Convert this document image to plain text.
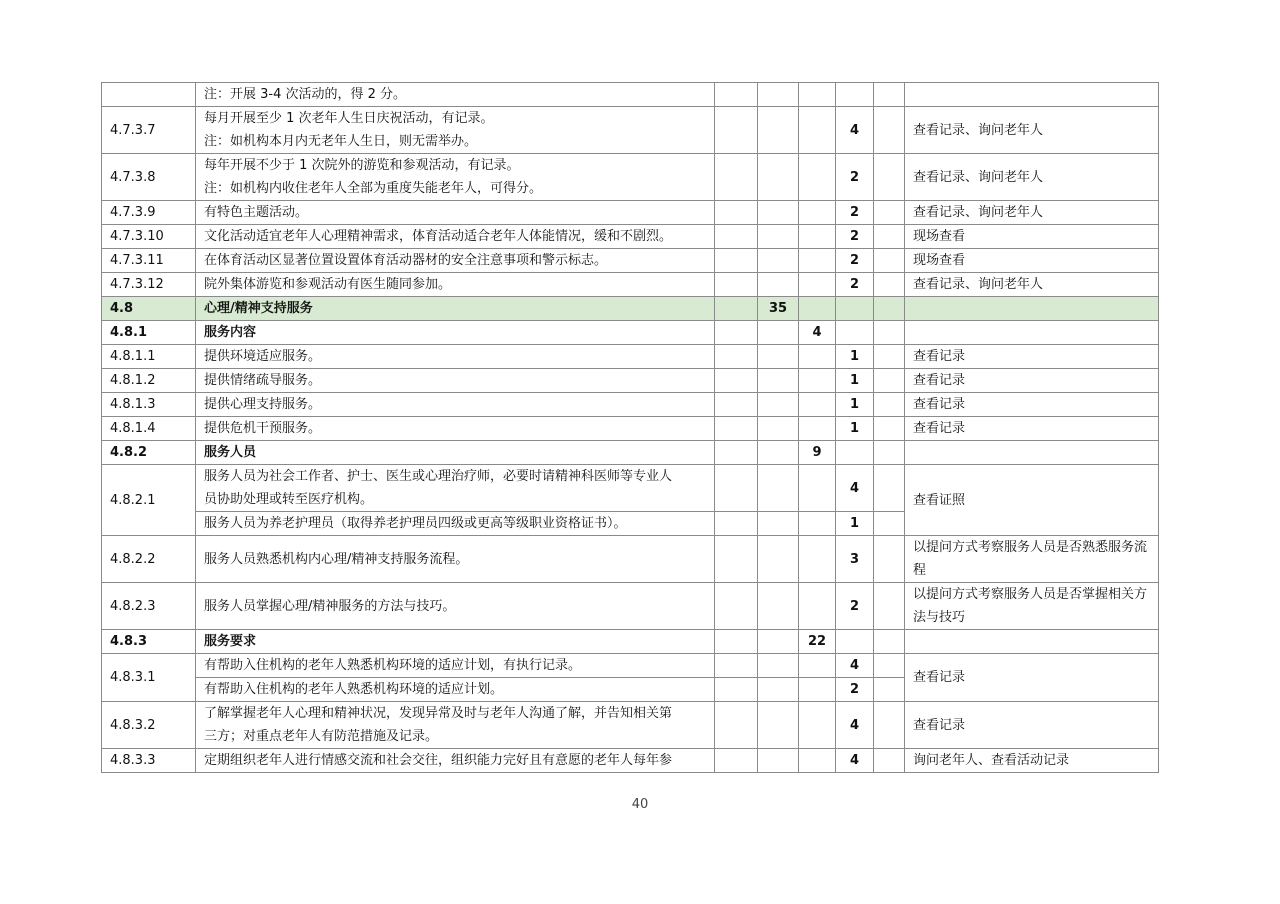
	注：开展 3-4 次活动的，得 2 分。						

4.7.3.7	每月开展至少 1 次老年人生日庆祝活动，有记录。
注：如机构本月内无老年人生日，则无需举办。				4		查看记录、询问老年人
4.7.3.8	每年开展不少于 1 次院外的游览和参观活动，有记录。
注：如机构内收住老年人全部为重度失能老年人，可得分。				2		查看记录、询问老年人
4.7.3.9	有特色主题活动。				2		查看记录、询问老年人
4.7.3.10	文化活动适宜老年人心理精神需求，体育活动适合老年人体能情况，缓和不剧烈。				2		现场查看
4.7.3.11	在体育活动区显著位置设置体育活动器材的安全注意事项和警示标志。				2		现场查看
4.7.3.12	院外集体游览和参观活动有医生随同参加。				2		查看记录、询问老年人
4.8	心理/精神支持服务		35				
4.8.1	服务内容			4			
4.8.1.1	提供环境适应服务。				1		查看记录
4.8.1.2	提供情绪疏导服务。				1		查看记录
4.8.1.3	提供心理支持服务。				1		查看记录
4.8.1.4	提供危机干预服务。				1		查看记录
4.8.2	服务人员			9			
4.8.2.1	服务人员为社会工作者、护士、医生或心理治疗师，必要时请精神科医师等专业人
员协助处理或转至医疗机构。				4		查看证照

	服务人员为养老护理员（取得养老护理员四级或更高等级职业资格证书）。				1		
4.8.2.2	服务人员熟悉机构内心理/精神支持服务流程。				3		以提问方式考察服务人员是否熟悉服务流程
4.8.2.3	服务人员掌握心理/精神服务的方法与技巧。				2		以提问方式考察服务人员是否掌握相关方法与技巧
4.8.3	服务要求			22			
4.8.3.1	有帮助入住机构的老年人熟悉机构环境的适应计划，有执行记录。				4		查看记录

	有帮助入住机构的老年人熟悉机构环境的适应计划。				2		
4.8.3.2	了解掌握老年人心理和精神状况，发现异常及时与老年人沟通了解，并告知相关第
三方；对重点老年人有防范措施及记录。				4		查看记录
4.8.3.3	定期组织老年人进行情感交流和社会交往，组织能力完好且有意愿的老年人每年参				4		询问老年人、查看活动记录
40
